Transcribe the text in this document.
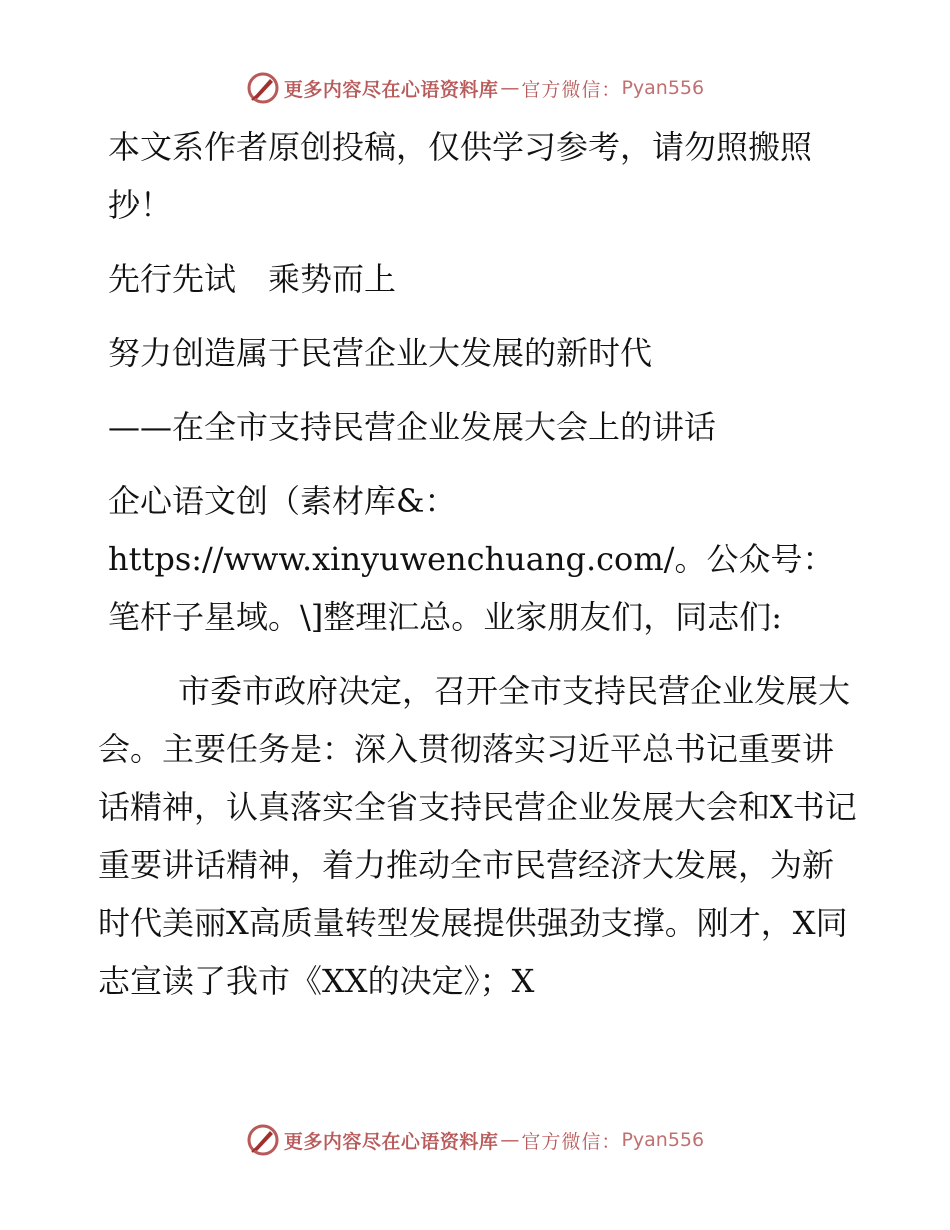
更多内容尽在心语资料库 — 官方微信： Pyan556

本文系作者原创投稿，仅供学习参考，请勿照搬照抄！

先行先试　乘势而上

努力创造属于民营企业大发展的新时代

——在全市支持民营企业发展大会上的讲话

企心语文创（素材库&：https://www.xinyuwenchuang.com/。公众号：笔杆子星域。\]整理汇总。业家朋友们，同志们:

市委市政府决定，召开全市支持民营企业发展大会。主要任务是：深入贯彻落实习近平总书记重要讲话精神，认真落实全省支持民营企业发展大会和X书记重要讲话精神，着力推动全市民营经济大发展，为新时代美丽X高质量转型发展提供强劲支撑。刚才，X同志宣读了我市《XX的决定》；X

更多内容尽在心语资料库 — 官方微信： Pyan556
